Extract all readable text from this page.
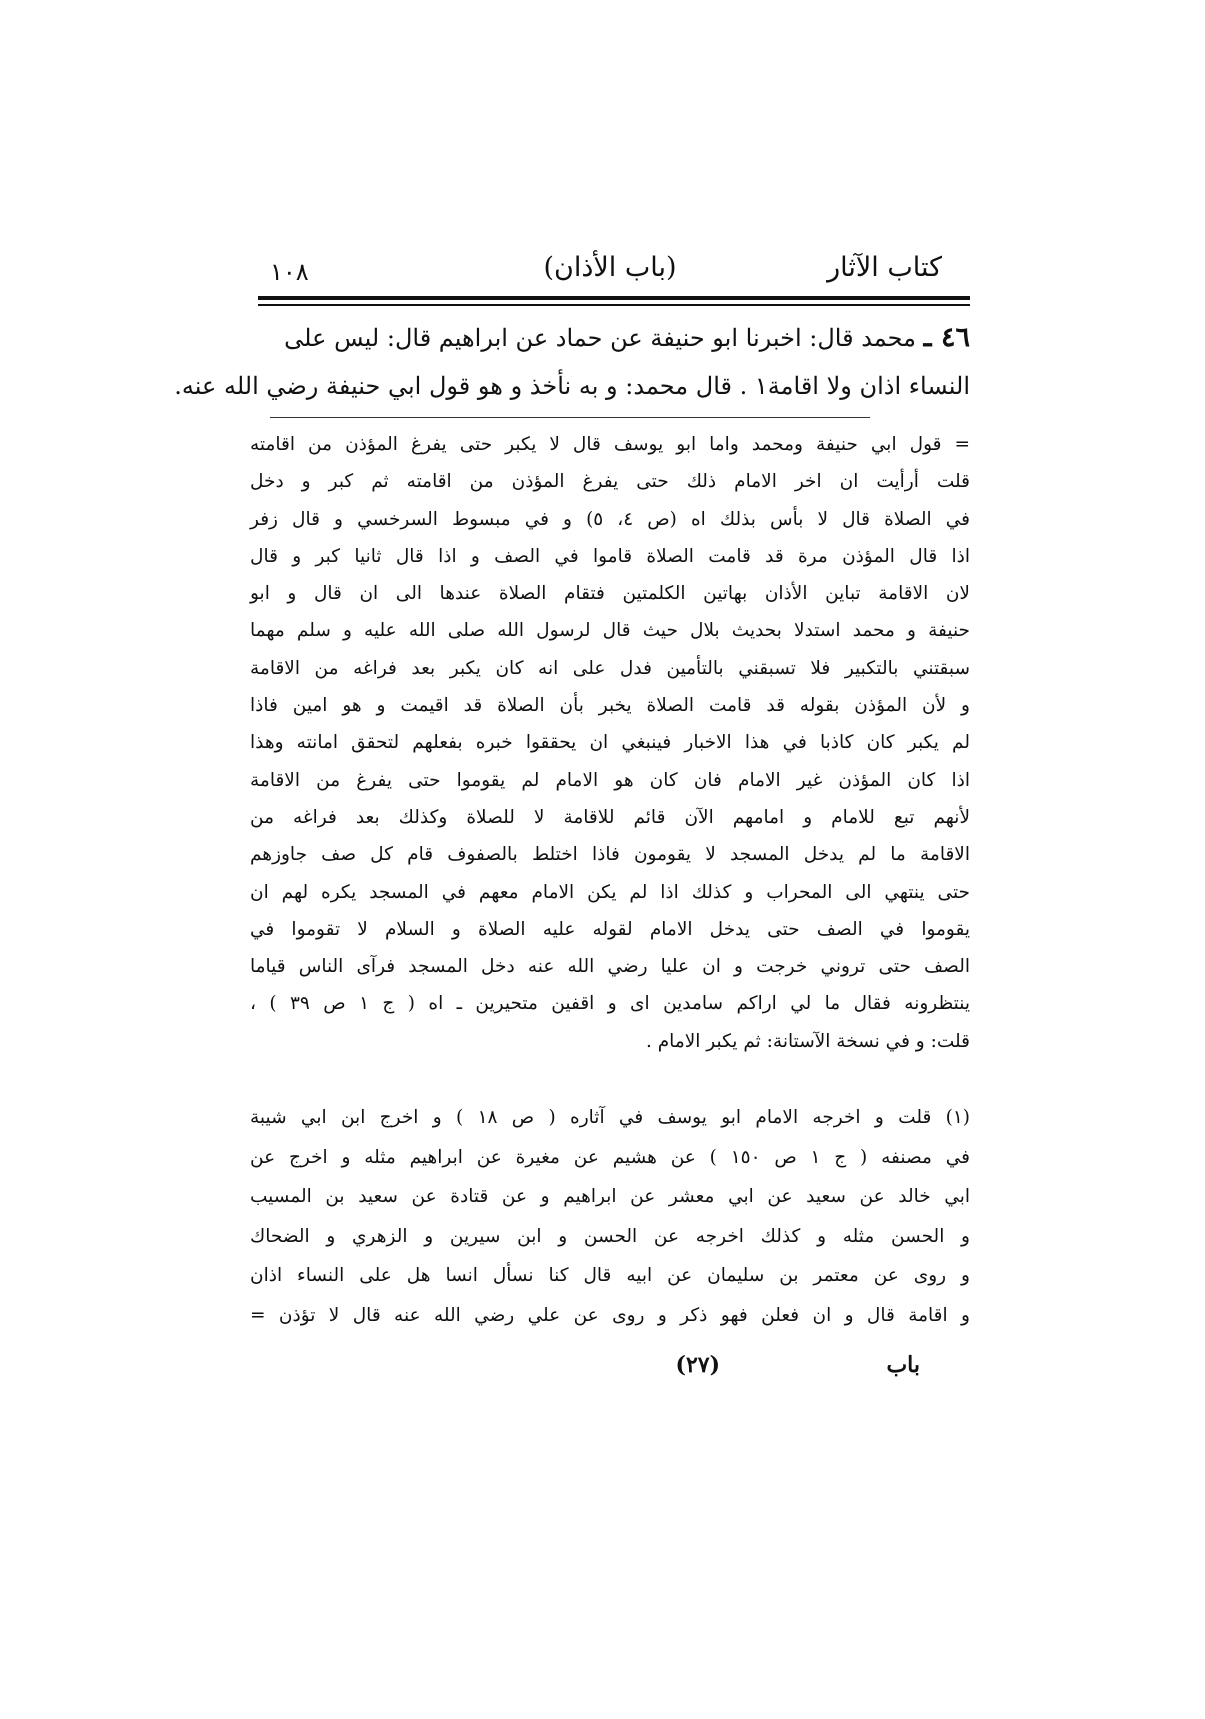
كتاب الآثار
(باب الأذان)
١٠٨
٤٦ ـ محمد قال: اخبرنا ابو حنيفة عن حماد عن ابراهيم قال: ليس على
النساء اذان ولا اقامة١ . قال محمد: و به نأخذ و هو قول ابي حنيفة رضي الله عنه.
= قول ابي حنيفة ومحمد واما ابو يوسف قال لا يكبر حتى يفرغ المؤذن من اقامته
قلت أرأيت ان اخر الامام ذلك حتى يفرغ المؤذن من اقامته ثم كبر و دخل
في الصلاة قال لا بأس بذلك اه (ص ٤، ٥) و في مبسوط السرخسي و قال زفر
اذا قال المؤذن مرة قد قامت الصلاة قاموا في الصف و اذا قال ثانيا كبر و قال
لان الاقامة تباين الأذان بهاتين الكلمتين فتقام الصلاة عندها الى ان قال و ابو
حنيفة و محمد استدلا بحديث بلال حيث قال لرسول الله صلى الله عليه و سلم مهما
سبقتني بالتكبير فلا تسبقني بالتأمين فدل على انه كان يكبر بعد فراغه من الاقامة
و لأن المؤذن بقوله قد قامت الصلاة يخبر بأن الصلاة قد اقيمت و هو امين فاذا
لم يكبر كان كاذبا في هذا الاخبار فينبغي ان يحققوا خبره بفعلهم لتحقق امانته وهذا
اذا كان المؤذن غير الامام فان كان هو الامام لم يقوموا حتى يفرغ من الاقامة
لأنهم تبع للامام و امامهم الآن قائم للاقامة لا للصلاة وكذلك بعد فراغه من
الاقامة ما لم يدخل المسجد لا يقومون فاذا اختلط بالصفوف قام كل صف جاوزهم
حتى ينتهي الى المحراب و كذلك اذا لم يكن الامام معهم في المسجد يكره لهم ان
يقوموا في الصف حتى يدخل الامام لقوله عليه الصلاة و السلام لا تقوموا في
الصف حتى تروني خرجت و ان عليا رضي الله عنه دخل المسجد فرآى الناس قياما
ينتظرونه فقال ما لي اراكم سامدين اى و اقفين متحيرين ـ اه ( ج ١ ص ٣٩ ) ،
قلت: و في نسخة الآستانة: ثم يكبر الامام .
(١) قلت و اخرجه الامام ابو يوسف في آثاره ( ص ١٨ ) و اخرج ابن ابي شيبة
في مصنفه ( ج ١ ص ١٥٠ ) عن هشيم عن مغيرة عن ابراهيم مثله و اخرج عن
ابي خالد عن سعيد عن ابي معشر عن ابراهيم و عن قتادة عن سعيد بن المسيب
و الحسن مثله و كذلك اخرجه عن الحسن و ابن سيرين و الزهري و الضحاك
و روى عن معتمر بن سليمان عن ابيه قال كنا نسأل انسا هل على النساء اذان
و اقامة قال و ان فعلن فهو ذكر و روى عن علي رضي الله عنه قال لا تؤذن =
باب
(٢٧)
